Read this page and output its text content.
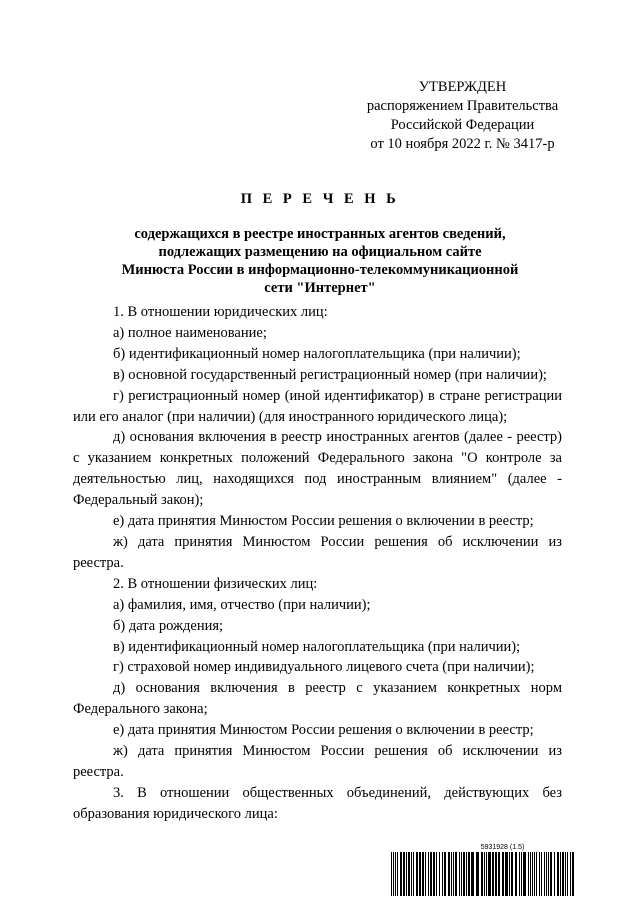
УТВЕРЖДЕН
распоряжением Правительства
Российской Федерации
от 10 ноября 2022 г. № 3417-р
П Е Р Е Ч Е Н Ь
содержащихся в реестре иностранных агентов сведений,
подлежащих размещению на официальном сайте
Минюста России в информационно-телекоммуникационной
сети "Интернет"

1. В отношении юридических лиц:

а) полное наименование;

б) идентификационный номер налогоплательщика (при наличии);

в) основной государственный регистрационный номер (при наличии);

г) регистрационный номер (иной идентификатор) в стране регистрации или его аналог (при наличии) (для иностранного юридического лица);

д) основания включения в реестр иностранных агентов (далее - реестр) с указанием конкретных положений Федерального закона "О контроле за деятельностью лиц, находящихся под иностранным влиянием" (далее - Федеральный закон);

е) дата принятия Минюстом России решения о включении в реестр;

ж) дата принятия Минюстом России решения об исключении из реестра.

2. В отношении физических лиц:

а) фамилия, имя, отчество (при наличии);

б) дата рождения;

в) идентификационный номер налогоплательщика (при наличии);

г) страховой номер индивидуального лицевого счета (при наличии);

д) основания включения в реестр с указанием конкретных норм Федерального закона;

е) дата принятия Минюстом России решения о включении в реестр;

ж) дата принятия Минюстом России решения об исключении из реестра.

3. В отношении общественных объединений, действующих без образования юридического лица:

5931928 (1.5)
